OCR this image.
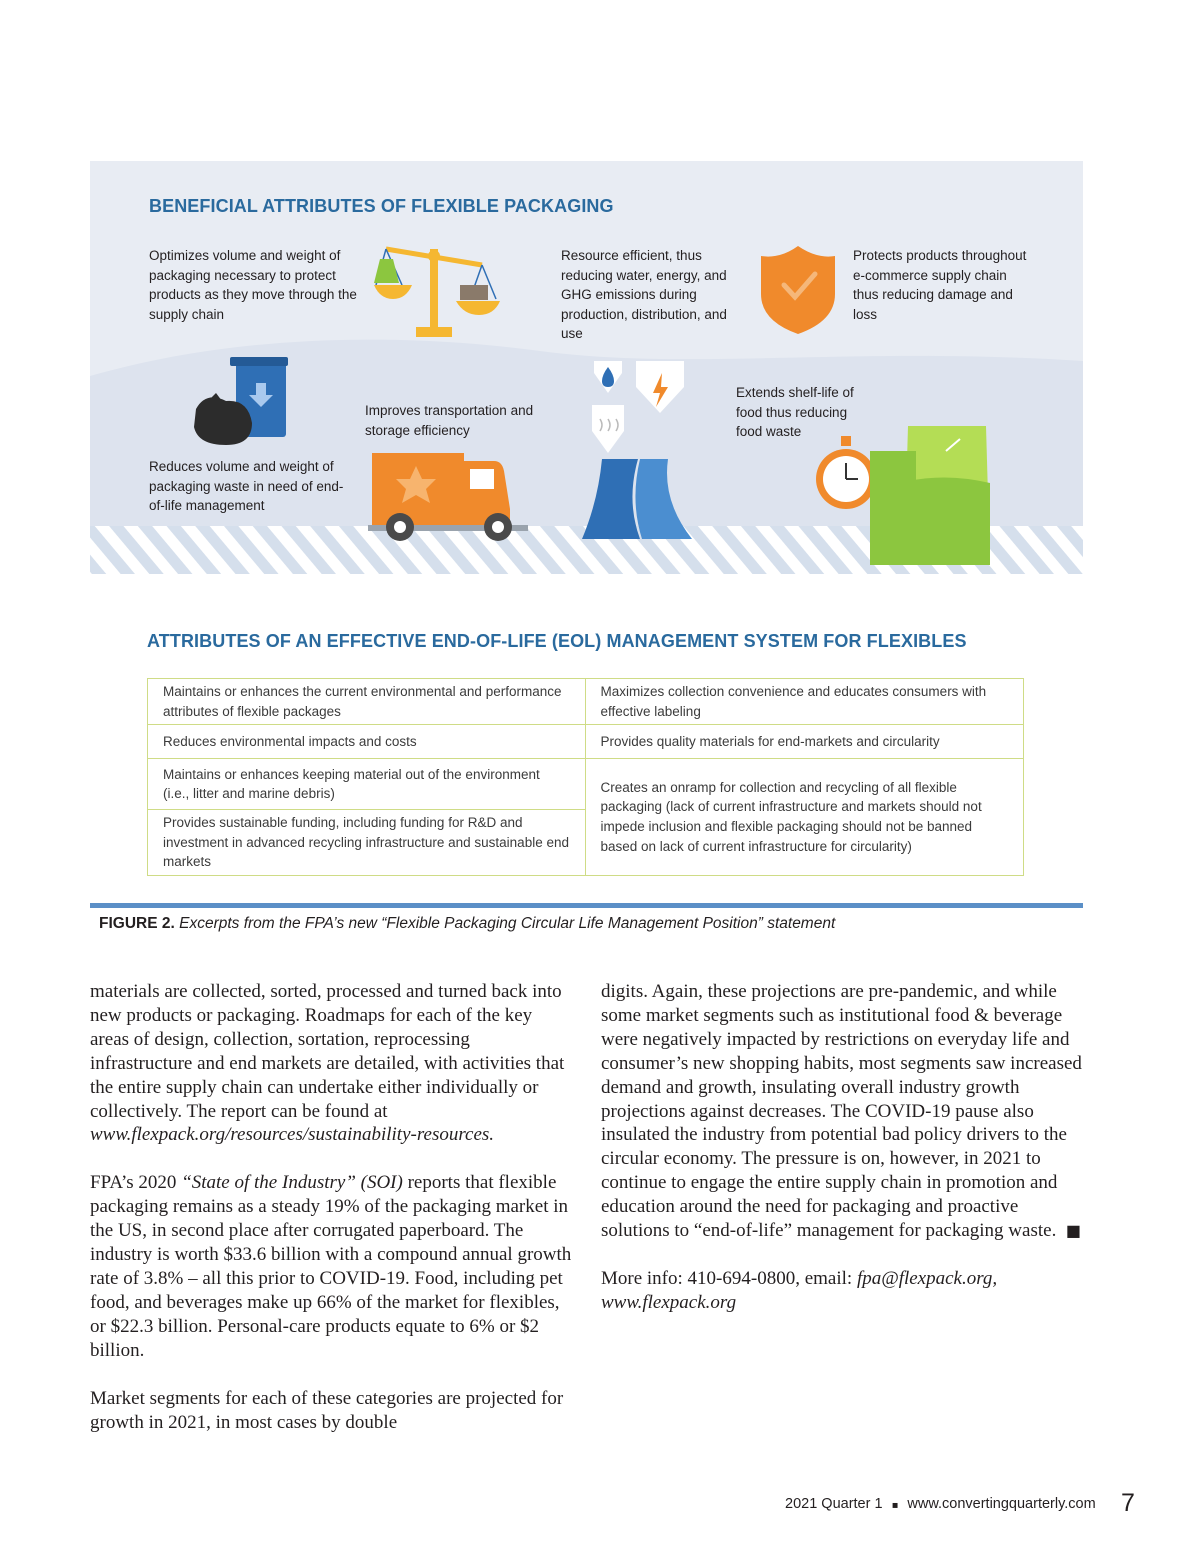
BENEFICIAL ATTRIBUTES OF FLEXIBLE PACKAGING
Optimizes volume and weight of packaging necessary to protect products as they move through the supply chain
Resource efficient, thus reducing water, energy, and GHG emissions during production, distribution, and use
Protects products throughout e-commerce supply chain thus reducing damage and loss
Improves transportation and storage efficiency
Extends shelf-life of food thus reducing food waste
Reduces volume and weight of packaging waste in need of end-of-life management
ATTRIBUTES OF AN EFFECTIVE END-OF-LIFE (EOL) MANAGEMENT SYSTEM FOR FLEXIBLES
Maintains or enhances the current environmental and performance attributes of flexible packages	Maximizes collection convenience and educates consumers with effective labeling
Reduces environmental impacts and costs	Provides quality materials for end-markets and circularity
Maintains or enhances keeping material out of the environment (i.e., litter and marine debris)	Creates an onramp for collection and recycling of all flexible packaging (lack of current infrastructure and markets should not impede inclusion and flexible packaging should not be banned based on lack of current infrastructure for circularity)
Provides sustainable funding, including funding for R&D and investment in advanced recycling infrastructure and sustainable end markets	
FIGURE 2. Excerpts from the FPA’s new “Flexible Packaging Circular Life Management Position” statement

materials are collected, sorted, processed and turned back into new products or packaging. Roadmaps for each of the key areas of design, collection, sortation, reprocessing infrastructure and end markets are detailed, with activities that the entire supply chain can undertake either individually or collectively. The report can be found at www.flexpack.org/resources/sustainability-resources.

FPA’s 2020 “State of the Industry” (SOI) reports that flexible packaging remains as a steady 19% of the packaging market in the US, in second place after corrugated paperboard. The industry is worth $33.6 billion with a compound annual growth rate of 3.8% – all this prior to COVID-19. Food, including pet food, and beverages make up 66% of the market for flexibles, or $22.3 billion. Personal-care products equate to 6% or $2 billion.

Market segments for each of these categories are projected for growth in 2021, in most cases by double

digits. Again, these projections are pre-pandemic, and while some market segments such as institutional food & beverage were negatively impacted by restrictions on everyday life and consumer’s new shopping habits, most segments saw increased demand and growth, insulating overall industry growth projections against decreases. The COVID-19 pause also insulated the industry from potential bad policy drivers to the circular economy. The pressure is on, however, in 2021 to continue to engage the entire supply chain in promotion and education around the need for packaging and proactive solutions to “end-of-life” management for packaging waste. ■

More info: 410-694-0800, email: fpa@flexpack.org,
www.flexpack.org

2021 Quarter 1 ▪ www.convertingquarterly.com 7
